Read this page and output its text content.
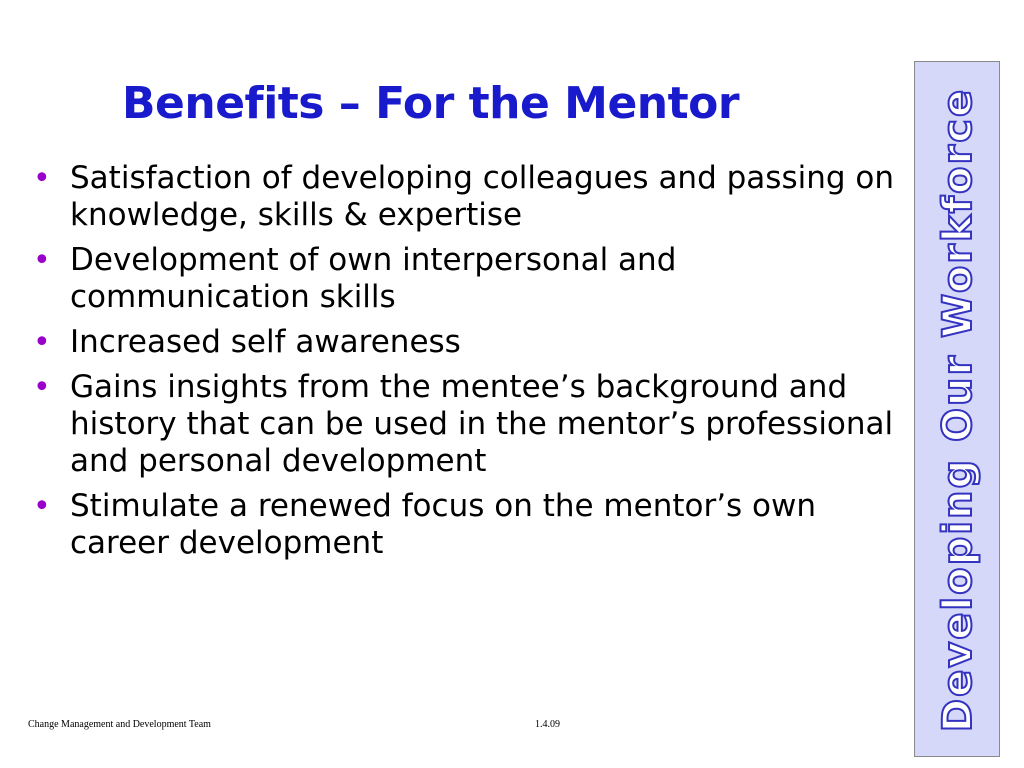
Benefits – For the Mentor
• Satisfaction of developing colleagues and passing on knowledge, skills & expertise
• Development of own interpersonal and communication skills
• Increased self awareness
• Gains insights from the mentee’s background and history that can be used in the mentor’s professional and personal development
• Stimulate a renewed focus on the mentor’s own career development	Developing Our Workforce
Change Management and Development Team	1.4.09
